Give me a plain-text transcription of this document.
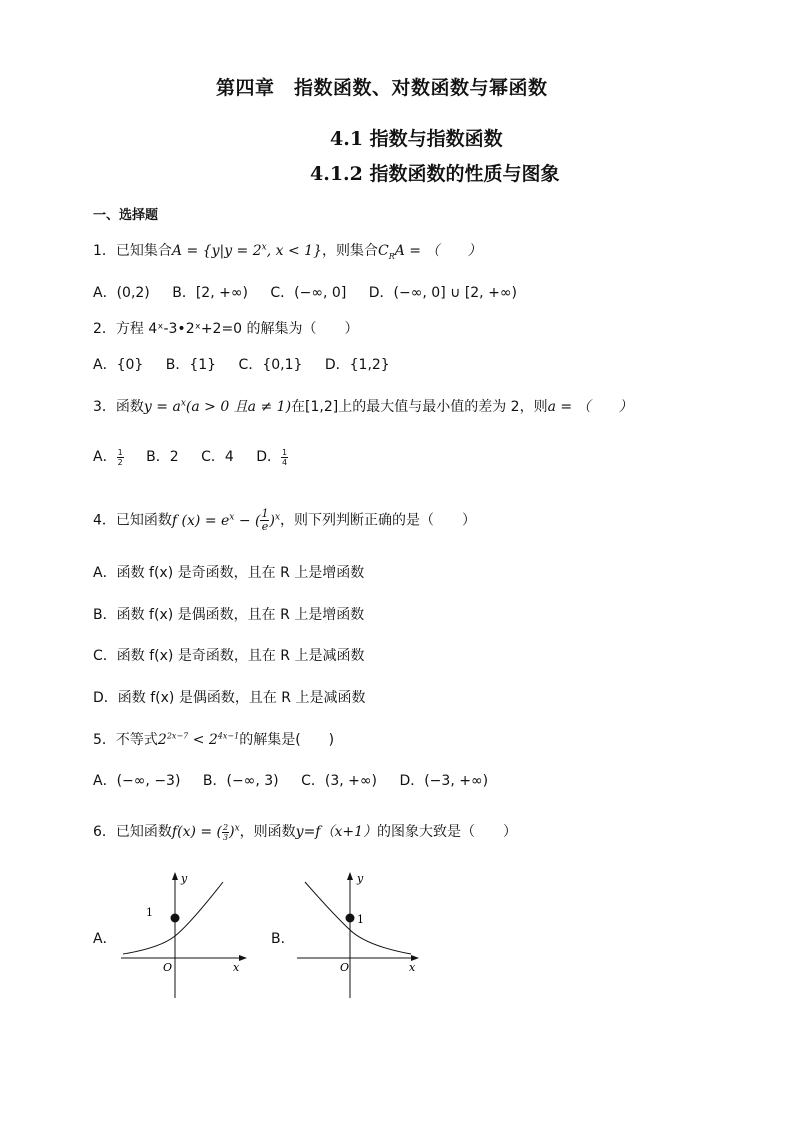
第四章　指数函数、对数函数与幂函数
4.1 指数与指数函数
4.1.2 指数函数的性质与图象
一、选择题
1．已知集合$A = \{y|y = 2^x$, x < 1}，则集合$C_RA$ = （　　）
A．(0,2) B．[2, +∞) C．(−∞, 0] D．(−∞, 0] ∪ [2, +∞)
2．方程 4ˣ-3•2ˣ+2=0 的解集为（　　）
A．{0} B．{1} C．{0,1} D．{1,2}
3．函数$y = a^x(a > 0$ 且a ≠ 1)在[1,2]上的最大值与最小值的差为 2，则a = （　　）
A． $\frac{1}{2}$ B．2 C．4 D． $\frac{1}{4}$
4．已知函数f $(x) = e^x$ − ( $\frac{1}{e} )^x$，则下列判断正确的是（　　）
A．函数 f(x) 是奇函数，且在 R 上是增函数
B．函数 f(x) 是偶函数，且在 R 上是增函数
C．函数 f(x) 是奇函数，且在 R 上是减函数
D．函数 f(x) 是偶函数，且在 R 上是减函数
5．不等式$2^{2x-7} < 2^{4x-1}$的解集是(　　)
A．(−∞, −3) B．(−∞, 3) C．(3, +∞) D．(−3, +∞)
6．已知函数f(x) = ( $\frac{2}{3} )^x$，则函数y=f（x+1）的图象大致是（　　）
A．
1
y
x
O
B．
1
y
x
O
